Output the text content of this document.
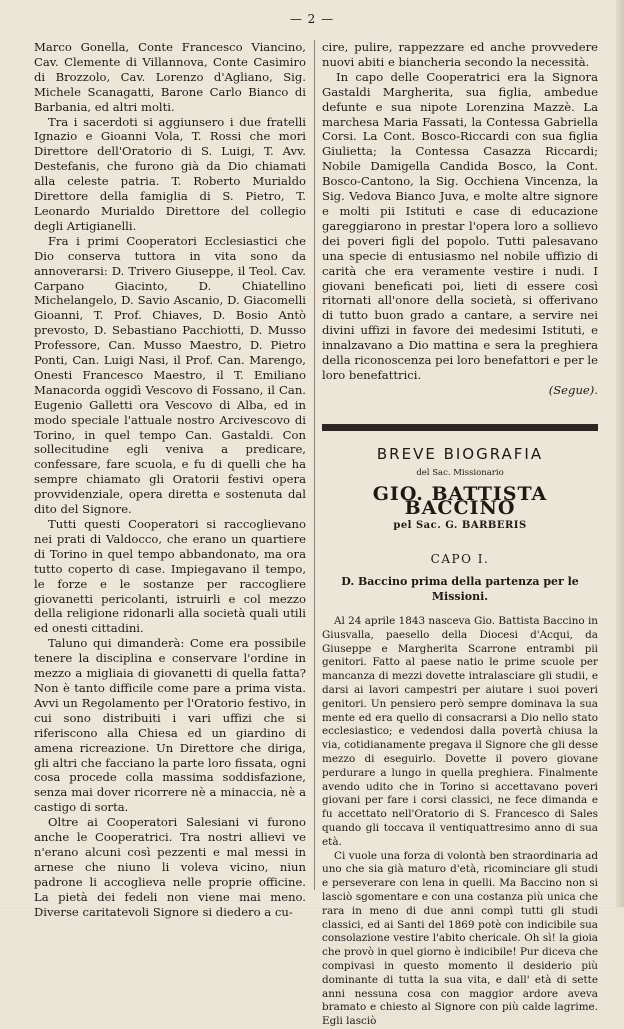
— 2 —

Marco Gonella, Conte Francesco Viancino, Cav. Clemente di Villannova, Conte Casimiro di Brozzolo, Cav. Lorenzo d'Agliano, Sig. Michele Scanagatti, Barone Carlo Bianco di Barbania, ed altri molti.

Tra i sacerdoti si aggiunsero i due fratelli Ignazio e Gioanni Vola, T. Rossi che mori Direttore dell'Oratorio di S. Luigi, T. Avv. Destefanis, che furono già da Dio chiamati alla celeste patria. T. Roberto Murialdo Direttore della famiglia di S. Pietro, T. Leonardo Murialdo Direttore del collegio degli Artigianelli.

Fra i primi Cooperatori Ecclesiastici che Dio conserva tuttora in vita sono da annoverarsi: D. Trivero Giuseppe, il Teol. Cav. Carpano Giacinto, D. Chiatellino Michelangelo, D. Savio Ascanio, D. Giacomelli Gioanni, T. Prof. Chiaves, D. Bosio Antò prevosto, D. Sebastiano Pacchiotti, D. Musso Professore, Can. Musso Maestro, D. Pietro Ponti, Can. Luigi Nasi, il Prof. Can. Marengo, Onesti Francesco Maestro, il T. Emiliano Manacorda oggidì Vescovo di Fossano, il Can. Eugenio Galletti ora Vescovo di Alba, ed in modo speciale l'attuale nostro Arcivescovo di Torino, in quel tempo Can. Gastaldi. Con sollecitudine egli veniva a predicare, confessare, fare scuola, e fu di quelli che ha sempre chiamato gli Oratorii festivi opera provvidenziale, opera diretta e sostenuta dal dito del Signore.

Tutti questi Cooperatori si raccoglievano nei prati di Valdocco, che erano un quartiere di Torino in quel tempo abbandonato, ma ora tutto coperto di case. Impiegavano il tempo, le forze e le sostanze per raccogliere giovanetti pericolanti, istruirli e col mezzo della religione ridonarli alla società quali utili ed onesti cittadini.

Taluno qui dimanderà: Come era possibile tenere la disciplina e conservare l'ordine in mezzo a migliaia di giovanetti di quella fatta? Non è tanto difficile come pare a prima vista. Avvi un Regolamento per l'Oratorio festivo, in cui sono distribuiti i vari uffizi che si riferiscono alla Chiesa ed un giardino di amena ricreazione. Un Direttore che diriga, gli altri che facciano la parte loro fissata, ogni cosa procede colla massima soddisfazione, senza mai dover ricorrere nè a minaccia, nè a castigo di sorta.

Oltre ai Cooperatori Salesiani vi furono anche le Cooperatrici. Tra nostri allievi ve n'erano alcuni così pezzenti e mal messi in arnese che niuno li voleva vicino, niun padrone li accoglieva nelle proprie officine. La pietà dei fedeli non viene mai meno. Diverse caritatevoli Signore si diedero a cu-

cire, pulire, rappezzare ed anche provvedere nuovi abiti e biancheria secondo la necessità.

In capo delle Cooperatrici era la Signora Gastaldi Margherita, sua figlia, ambedue defunte e sua nipote Lorenzina Mazzè. La marchesa Maria Fassati, la Contessa Gabriella Corsi. La Cont. Bosco-Riccardi con sua figlia Giulietta; la Contessa Casazza Riccardi; Nobile Damigella Candida Bosco, la Cont. Bosco-Cantono, la Sig. Occhiena Vincenza, la Sig. Vedova Bianco Juva, e molte altre signore e molti pii Istituti e case di educazione gareggiarono in prestar l'opera loro a sollievo dei poveri figli del popolo. Tutti palesavano una specie di entusiasmo nel nobile uffizio di carità che era veramente vestire i nudi. I giovani beneficati poi, lieti di essere così ritornati all'onore della società, si offerivano di tutto buon grado a cantare, a servire nei divini uffizi in favore dei medesimi Istituti, e innalzavano a Dio mattina e sera la preghiera della riconoscenza pei loro benefattori e per le loro benefattrici.

(Segue).

BREVE BIOGRAFIA
del Sac. Missionario
GIO. BATTISTA BACCINO
pel Sac. G. BARBERIS
CAPO I.
D. Baccino prima della partenza per le Missioni.

Al 24 aprile 1843 nasceva Gio. Battista Baccino in Giusvalla, paesello della Diocesi d'Acqui, da Giuseppe e Margherita Scarrone entrambi pii genitori. Fatto al paese natio le prime scuole per mancanza di mezzi dovette intralasciare gli studii, e darsi ai lavori campestri per aiutare i suoi poveri genitori. Un pensiero però sempre dominava la sua mente ed era quello di consacrarsi a Dio nello stato ecclesiastico; e vedendosi dalla povertà chiusa la via, cotidianamente pregava il Signore che gli desse mezzo di eseguirlo. Dovette il povero giovane perdurare a lungo in quella preghiera. Finalmente avendo udito che in Torino si accettavano poveri giovani per fare i corsi classici, ne fece dimanda e fu accettato nell'Oratorio di S. Francesco di Sales quando gli toccava il ventiquattresimo anno di sua età.

Ci vuole una forza di volontà ben straordinaria ad uno che sia già maturo d'età, ricominciare gli studi e perseverare con lena in quelli. Ma Baccino non si lasciò sgomentare e con una costanza più unica che rara in meno di due anni compì tutti gli studi classici, ed ai Santi del 1869 potè con indicibile sua consolazione vestire l'abito chericale. Oh sì! la gioia che provò in quel giorno è indicibile! Pur diceva che compivasi in questo momento il desiderio più dominante di tutta la sua vita, e dall' età di sette anni nessuna cosa con maggior ardore aveva bramato e chiesto al Signore con più calde lagrime. Egli lasciò
